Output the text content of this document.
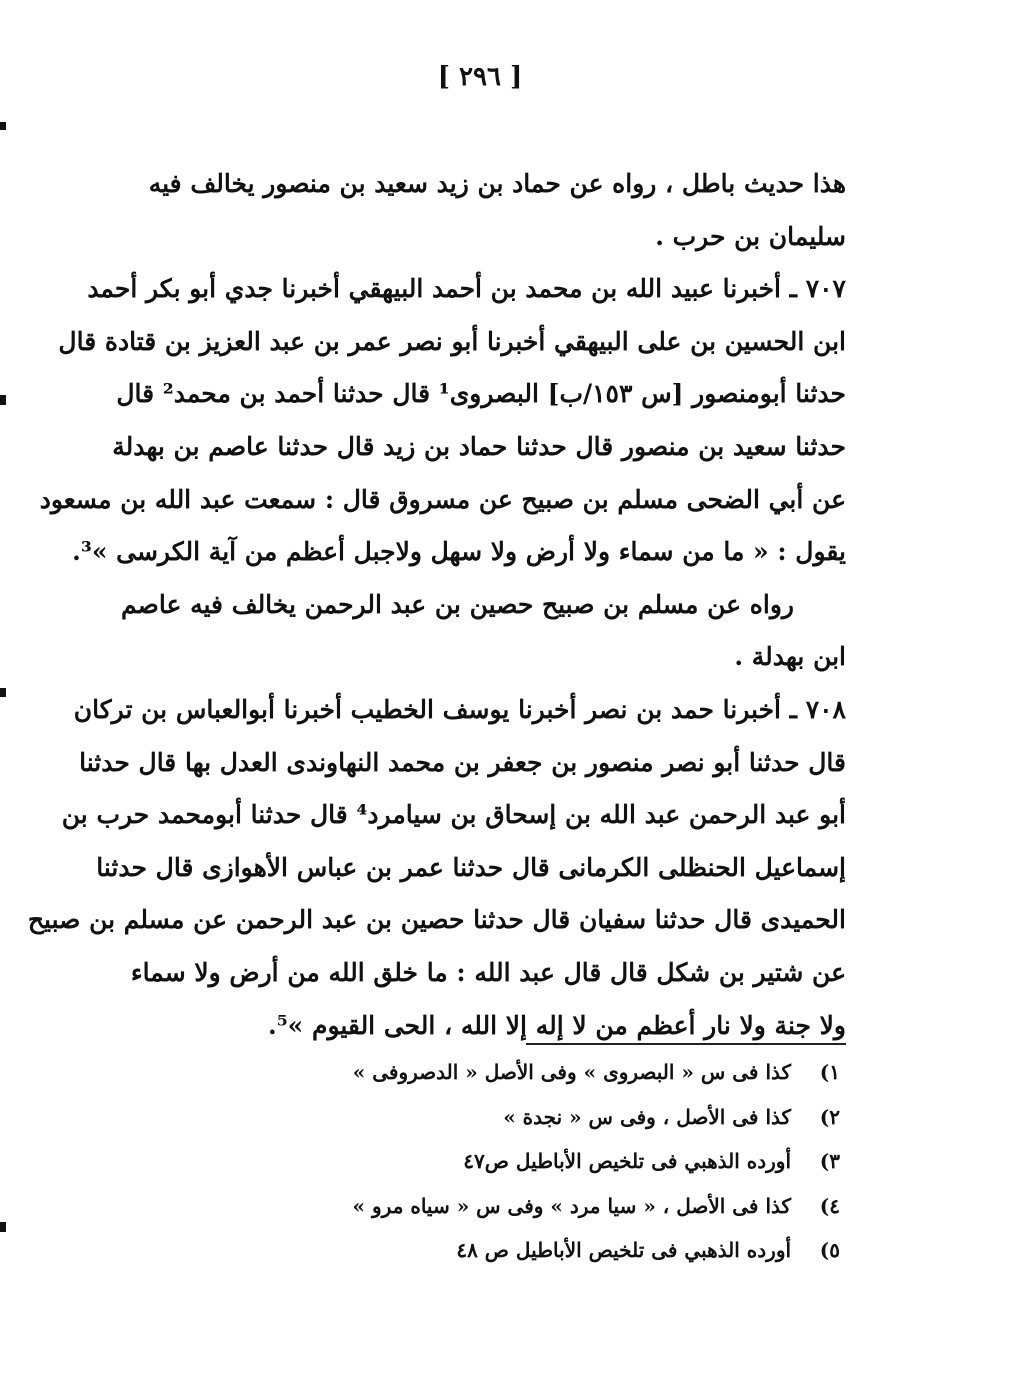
[ ٢٩٦ ]
هذا حديث باطل ، رواه عن حماد بن زيد سعيد بن منصور يخالف فيه
سليمان بن حرب .
٧٠٧ ـ أخبرنا عبيد الله بن محمد بن أحمد البيهقي أخبرنا جدي أبو بكر أحمد
ابن الحسين بن على البيهقي أخبرنا أبو نصر عمر بن عبد العزيز بن قتادة قال
حدثنا أبومنصور [س ١٥٣/ب] البصروى¹ قال حدثنا أحمد بن محمد² قال
حدثنا سعيد بن منصور قال حدثنا حماد بن زيد قال حدثنا عاصم بن بهدلة
عن أبي الضحى مسلم بن صبيح عن مسروق قال : سمعت عبد الله بن مسعود
يقول : « ما من سماء ولا أرض ولا سهل ولاجبل أعظم من آية الكرسى »³.
رواه عن مسلم بن صبيح حصين بن عبد الرحمن يخالف فيه عاصم
ابن بهدلة .
٧٠٨ ـ أخبرنا حمد بن نصر أخبرنا يوسف الخطيب أخبرنا أبوالعباس بن تركان
قال حدثنا أبو نصر منصور بن جعفر بن محمد النهاوندى العدل بها قال حدثنا
أبو عبد الرحمن عبد الله بن إسحاق بن سيامرد⁴ قال حدثنا أبومحمد حرب بن
إسماعيل الحنظلى الكرمانى قال حدثنا عمر بن عباس الأهوازى قال حدثنا
الحميدى قال حدثنا سفيان قال حدثنا حصين بن عبد الرحمن عن مسلم بن صبيح
عن شتير بن شكل قال قال عبد الله : ما خلق الله من أرض ولا سماء
ولا جنة ولا نار أعظم من لا إله إلا الله ، الحى القيوم »⁵.
١) كذا فى س « البصروى » وفى الأصل « الدصروفى »
٢) كذا فى الأصل ، وفى س « نجدة »
٣) أورده الذهبي فى تلخيص الأباطيل ص٤٧
٤) كذا فى الأصل ، « سيا مرد » وفى س « سياه مرو »
٥) أورده الذهبي فى تلخيص الأباطيل ص ٤٨
